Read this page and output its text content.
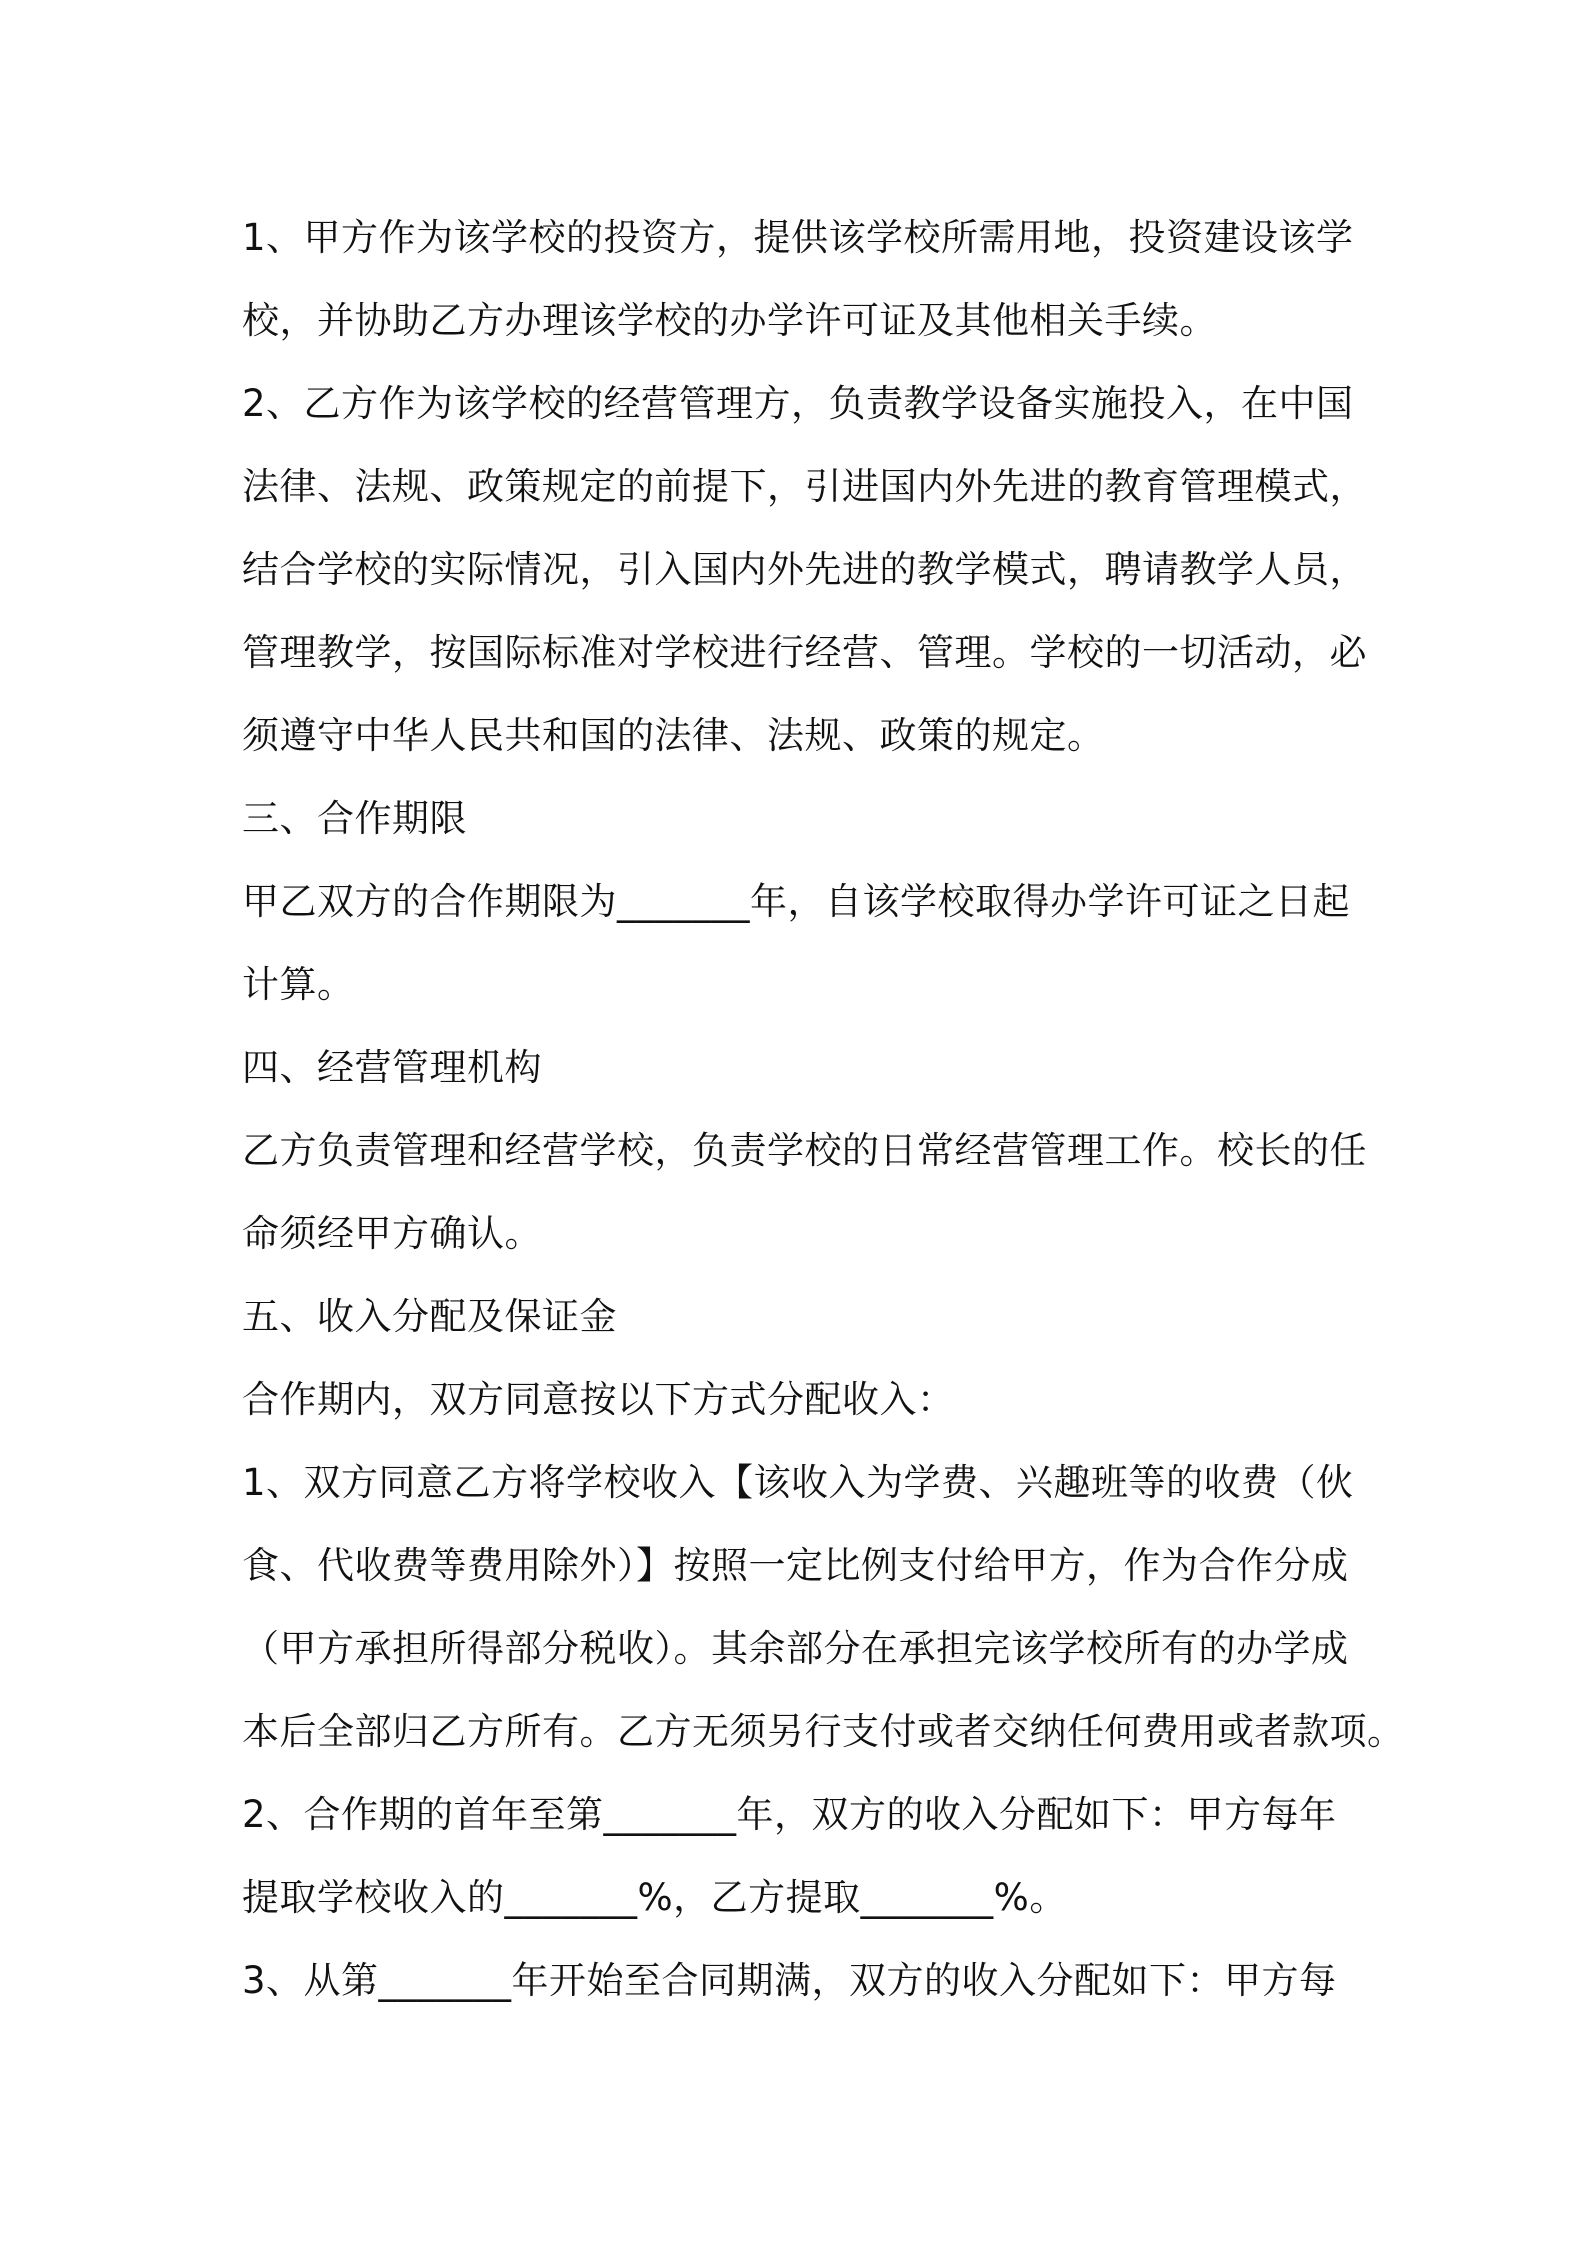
1、甲方作为该学校的投资方，提供该学校所需用地，投资建设该学
校，并协助乙方办理该学校的办学许可证及其他相关手续。

2、乙方作为该学校的经营管理方，负责教学设备实施投入，在中国
法律、法规、政策规定的前提下，引进国内外先进的教育管理模式，
结合学校的实际情况，引入国内外先进的教学模式，聘请教学人员，
管理教学，按国际标准对学校进行经营、管理。学校的一切活动，必
须遵守中华人民共和国的法律、法规、政策的规定。

三、合作期限

甲乙双方的合作期限为_______年，自该学校取得办学许可证之日起
计算。

四、经营管理机构

乙方负责管理和经营学校，负责学校的日常经营管理工作。校长的任
命须经甲方确认。

五、收入分配及保证金

合作期内，双方同意按以下方式分配收入：

1、双方同意乙方将学校收入【该收入为学费、兴趣班等的收费（伙
食、代收费等费用除外）】按照一定比例支付给甲方，作为合作分成
（甲方承担所得部分税收）。其余部分在承担完该学校所有的办学成
本后全部归乙方所有。乙方无须另行支付或者交纳任何费用或者款项。

2、合作期的首年至第_______年，双方的收入分配如下：甲方每年
提取学校收入的_______%，乙方提取_______%。

3、从第_______年开始至合同期满，双方的收入分配如下：甲方每
